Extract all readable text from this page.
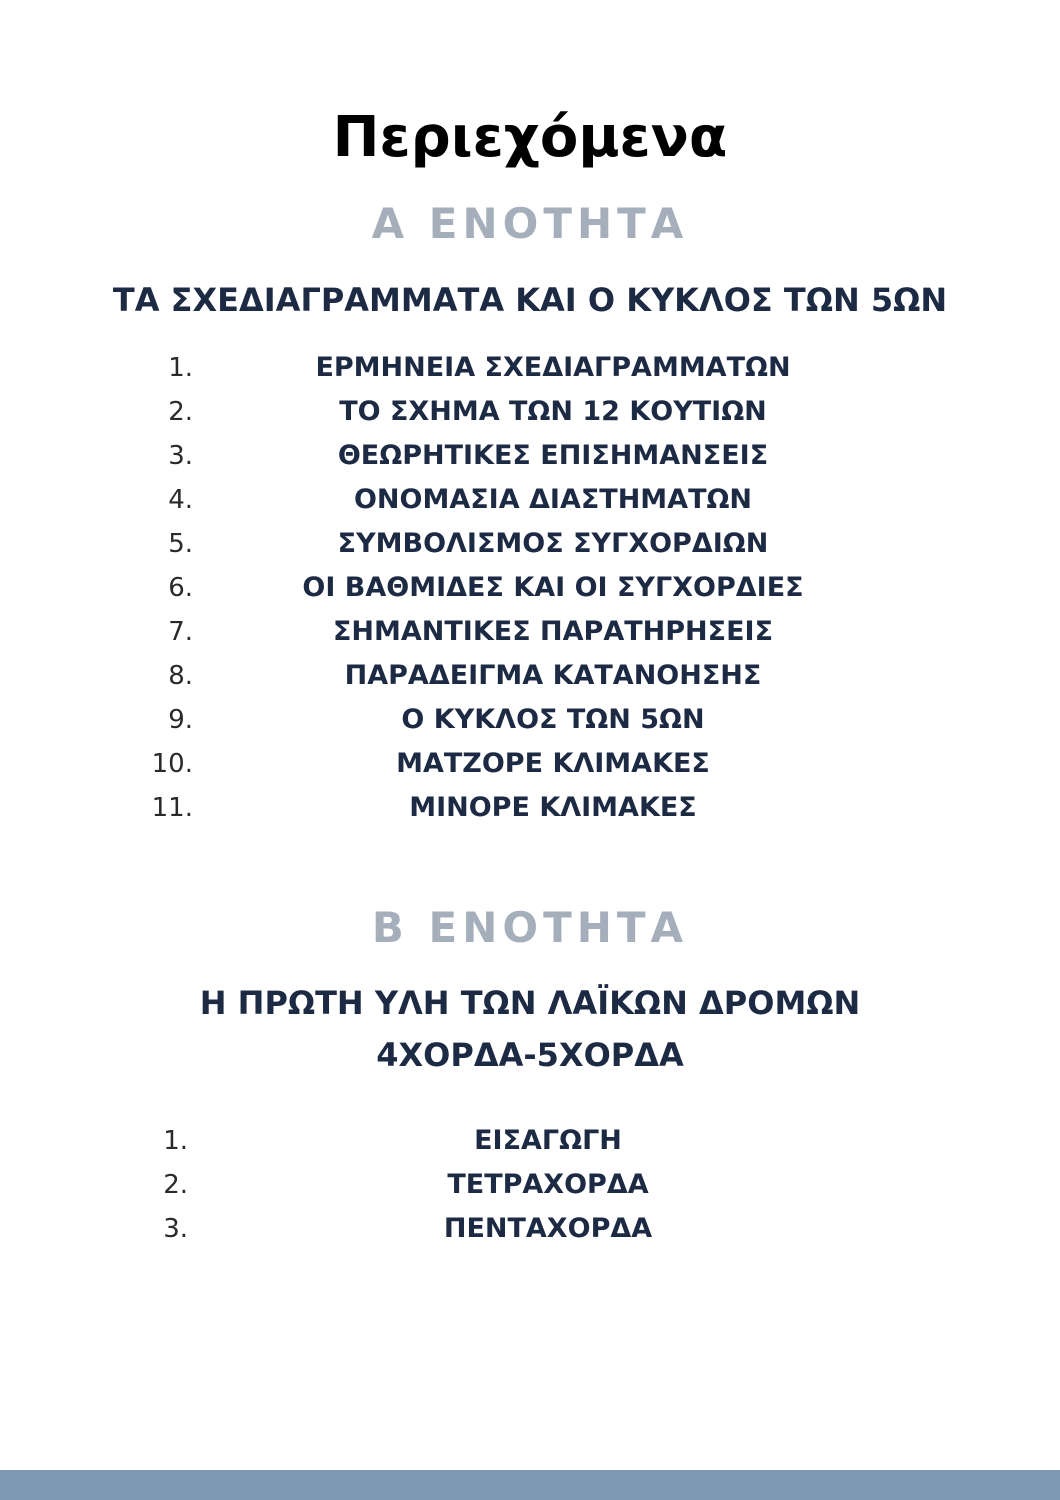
Περιεχόμενα
Α ΕΝΟΤΗΤΑ
ΤΑ ΣΧΕΔΙΑΓΡΑΜΜΑΤΑ ΚΑΙ Ο ΚΥΚΛΟΣ ΤΩΝ 5ΩΝ
1.	ΕΡΜΗΝΕΙΑ ΣΧΕΔΙΑΓΡΑΜΜΑΤΩΝ
2.	ΤΟ ΣΧΗΜΑ ΤΩΝ 12 ΚΟΥΤΙΩΝ
3.	ΘΕΩΡΗΤΙΚΕΣ ΕΠΙΣΗΜΑΝΣΕΙΣ
4.	ΟΝΟΜΑΣΙΑ ΔΙΑΣΤΗΜΑΤΩΝ
5.	ΣΥΜΒΟΛΙΣΜΟΣ ΣΥΓΧΟΡΔΙΩΝ
6.	ΟΙ ΒΑΘΜΙΔΕΣ ΚΑΙ ΟΙ ΣΥΓΧΟΡΔΙΕΣ
7.	ΣΗΜΑΝΤΙΚΕΣ ΠΑΡΑΤΗΡΗΣΕΙΣ
8.	ΠΑΡΑΔΕΙΓΜΑ ΚΑΤΑΝΟΗΣΗΣ
9.	Ο ΚΥΚΛΟΣ ΤΩΝ 5ΩΝ
10.	ΜΑΤΖΟΡΕ ΚΛΙΜΑΚΕΣ
11.	ΜΙΝΟΡΕ ΚΛΙΜΑΚΕΣ
Β ΕΝΟΤΗΤΑ
Η ΠΡΩΤΗ ΥΛΗ ΤΩΝ ΛΑΪΚΩΝ ΔΡΟΜΩΝ
4ΧΟΡΔΑ-5ΧΟΡΔΑ
1.	ΕΙΣΑΓΩΓΗ
2.	ΤΕΤΡΑΧΟΡΔΑ
3.	ΠΕΝΤΑΧΟΡΔΑ
